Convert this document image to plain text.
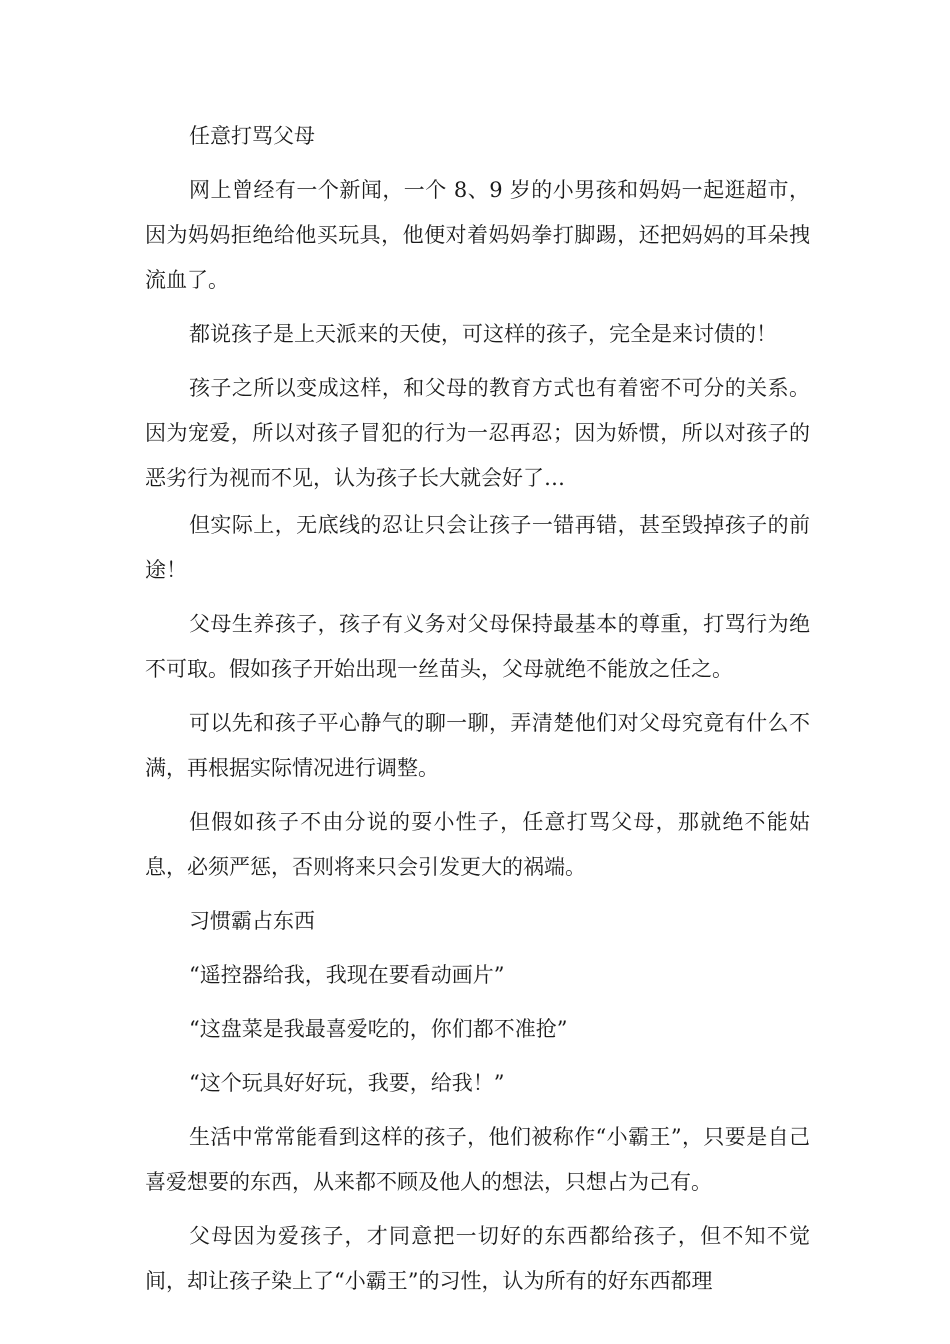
任意打骂父母

网上曾经有一个新闻，一个 8、9 岁的小男孩和妈妈一起逛超市，因为妈妈拒绝给他买玩具，他便对着妈妈拳打脚踢，还把妈妈的耳朵拽流血了。

都说孩子是上天派来的天使，可这样的孩子，完全是来讨债的！

孩子之所以变成这样，和父母的教育方式也有着密不可分的关系。因为宠爱，所以对孩子冒犯的行为一忍再忍；因为娇惯，所以对孩子的恶劣行为视而不见，认为孩子长大就会好了…

但实际上，无底线的忍让只会让孩子一错再错，甚至毁掉孩子的前途！

父母生养孩子，孩子有义务对父母保持最基本的尊重，打骂行为绝不可取。假如孩子开始出现一丝苗头，父母就绝不能放之任之。

可以先和孩子平心静气的聊一聊，弄清楚他们对父母究竟有什么不满，再根据实际情况进行调整。

但假如孩子不由分说的耍小性子，任意打骂父母，那就绝不能姑息，必须严惩，否则将来只会引发更大的祸端。

习惯霸占东西

“遥控器给我，我现在要看动画片”

“这盘菜是我最喜爱吃的，你们都不准抢”

“这个玩具好好玩，我要，给我！”

生活中常常能看到这样的孩子，他们被称作“小霸王”，只要是自己喜爱想要的东西，从来都不顾及他人的想法，只想占为己有。

父母因为爱孩子，才同意把一切好的东西都给孩子，但不知不觉间，却让孩子染上了“小霸王”的习性，认为所有的好东西都理
